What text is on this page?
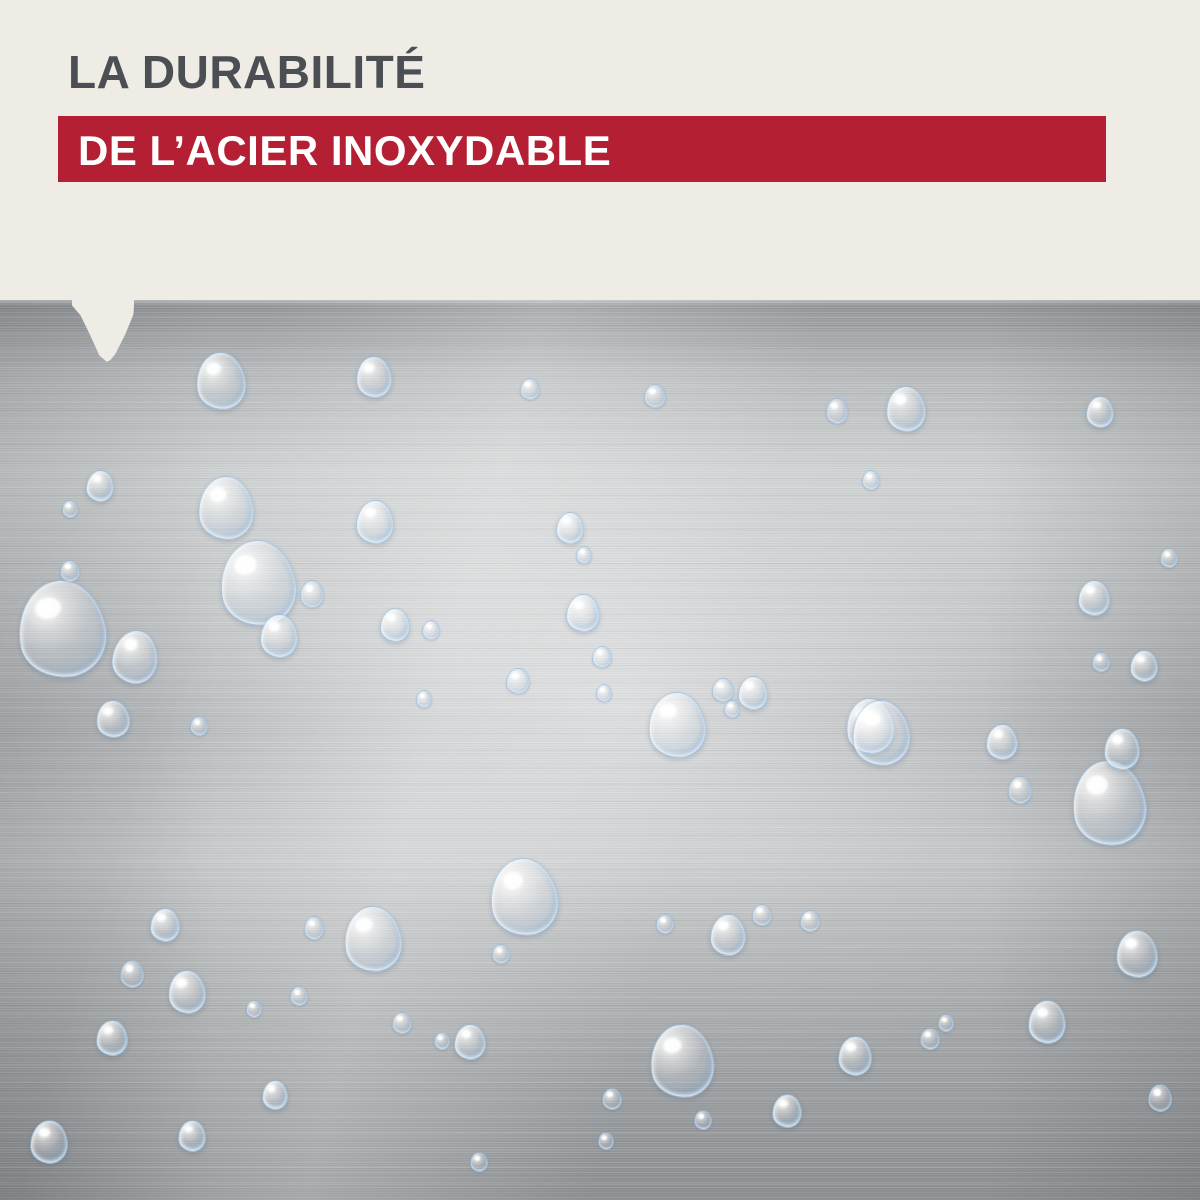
LA DURABILITÉ
DE L’ACIER INOXYDABLE
